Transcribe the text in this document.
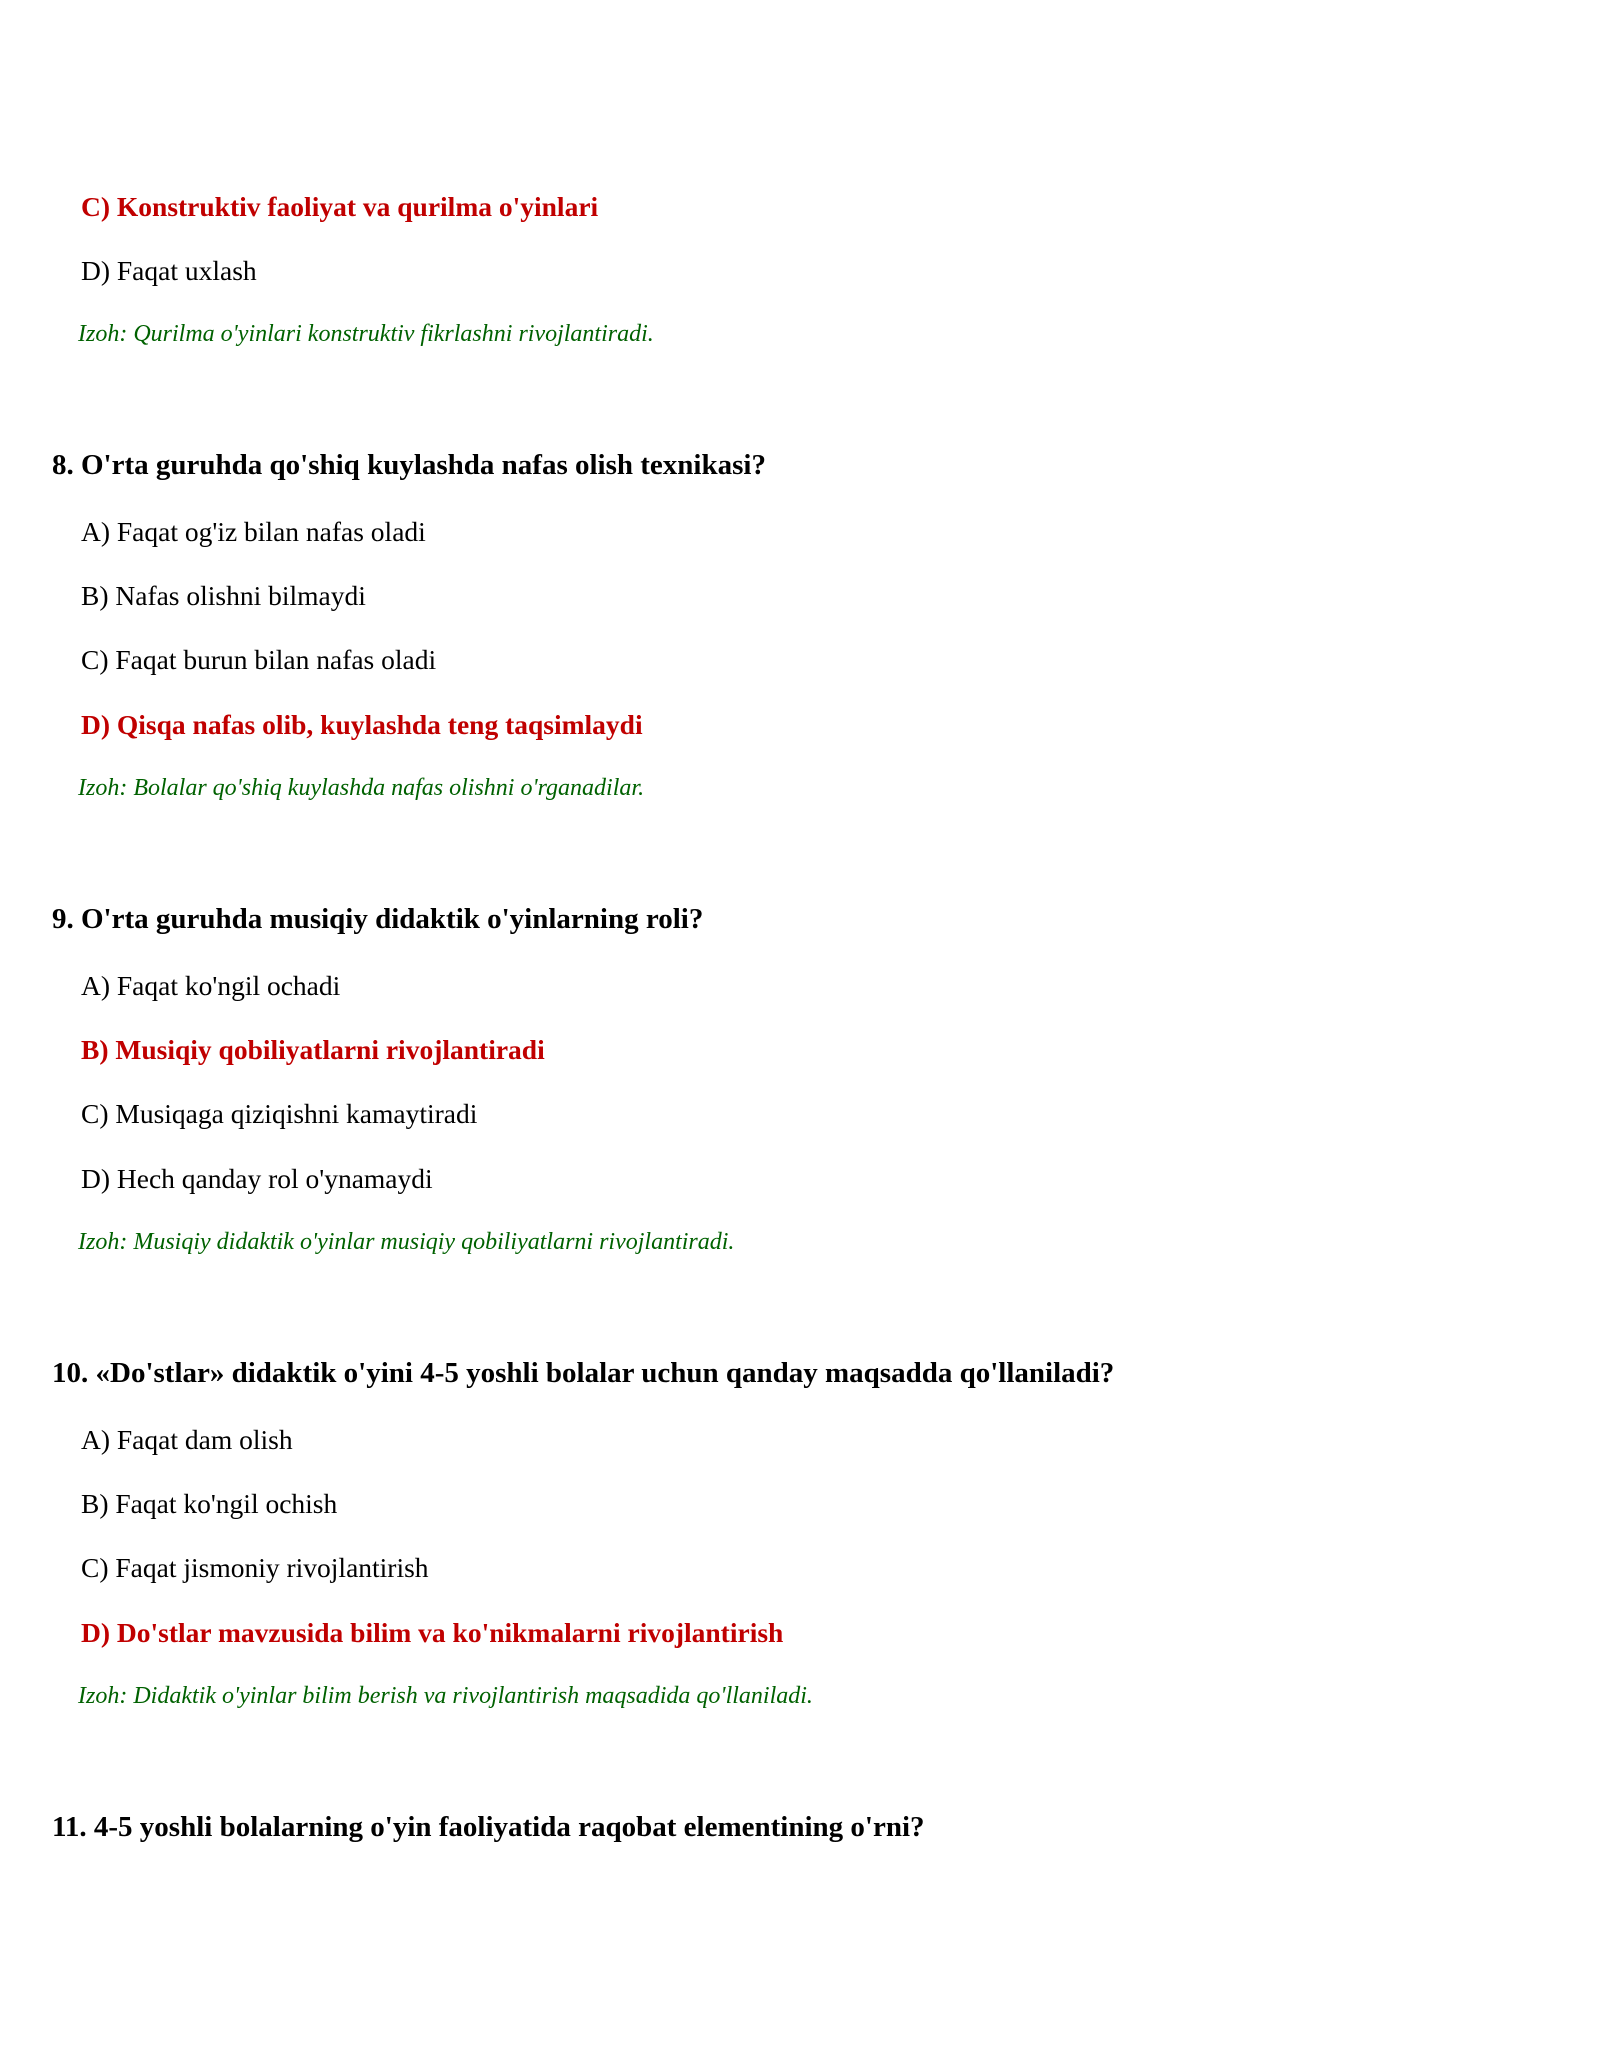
C) Konstruktiv faoliyat va qurilma o'yinlari
D) Faqat uxlash
Izoh: Qurilma o'yinlari konstruktiv fikrlashni rivojlantiradi.
8. O'rta guruhda qo'shiq kuylashda nafas olish texnikasi?
A) Faqat og'iz bilan nafas oladi
B) Nafas olishni bilmaydi
C) Faqat burun bilan nafas oladi
D) Qisqa nafas olib, kuylashda teng taqsimlaydi
Izoh: Bolalar qo'shiq kuylashda nafas olishni o'rganadilar.
9. O'rta guruhda musiqiy didaktik o'yinlarning roli?
A) Faqat ko'ngil ochadi
B) Musiqiy qobiliyatlarni rivojlantiradi
C) Musiqaga qiziqishni kamaytiradi
D) Hech qanday rol o'ynamaydi
Izoh: Musiqiy didaktik o'yinlar musiqiy qobiliyatlarni rivojlantiradi.
10. «Do'stlar» didaktik o'yini 4-5 yoshli bolalar uchun qanday maqsadda qo'llaniladi?
A) Faqat dam olish
B) Faqat ko'ngil ochish
C) Faqat jismoniy rivojlantirish
D) Do'stlar mavzusida bilim va ko'nikmalarni rivojlantirish
Izoh: Didaktik o'yinlar bilim berish va rivojlantirish maqsadida qo'llaniladi.
11. 4-5 yoshli bolalarning o'yin faoliyatida raqobat elementining o'rni?
